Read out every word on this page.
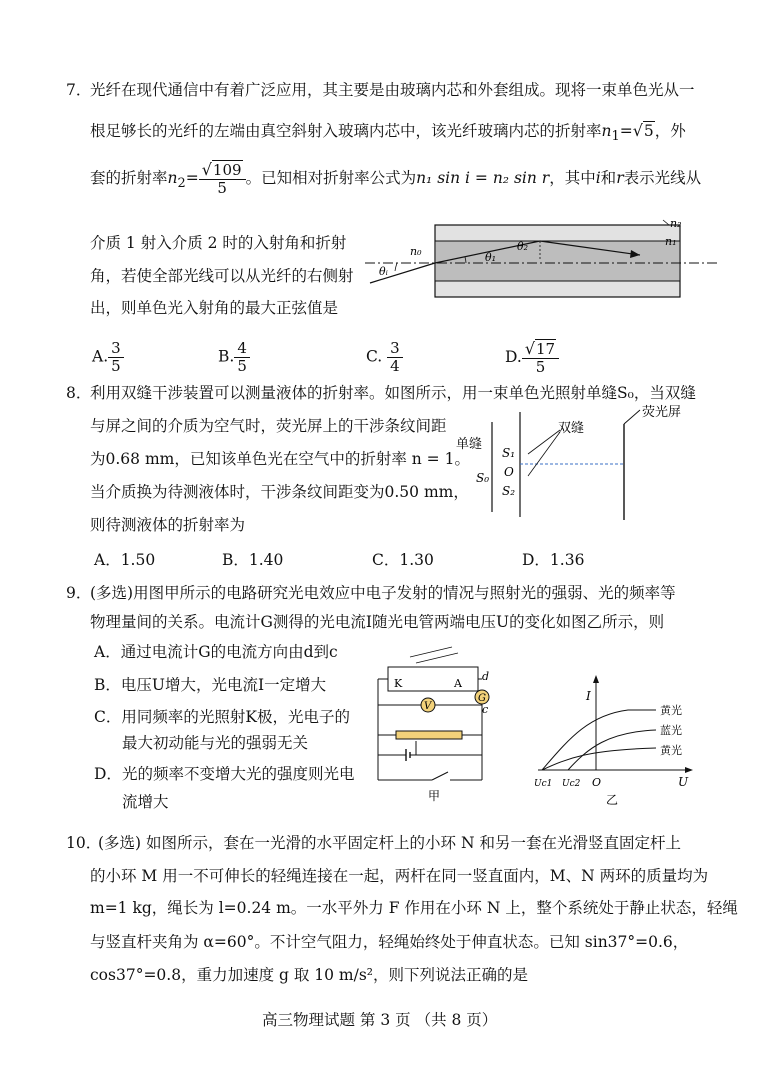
7．
光纤在现代通信中有着广泛应用，其主要是由玻璃内芯和外套组成。现将一束单色光从一
根足够长的光纤的左端由真空斜射入玻璃内芯中，该光纤玻璃内芯的折射率$n_1=√5$，外
套的折射率$n_2= \frac{√109}{5}$ 。已知相对折射率公式为n₁ sin i = n₂ sin r，其中i和r表示光线从
介质 1 射入介质 2 时的入射角和折射
角，若使全部光线可以从光纤的右侧射
出，则单色光入射角的最大正弦值是
n₂
n₁
n₀
θᵢ
θ₁
θ₂
A. $\frac{3}{5}$	B. $\frac{4}{5}$	C. $\frac{3}{4}$	D. $\frac{√17}{5}$
8．
利用双缝干涉装置可以测量液体的折射率。如图所示，用一束单色光照射单缝S₀，当双缝
与屏之间的介质为空气时，荧光屏上的干涉条纹间距
为0.68 mm，已知该单色光在空气中的折射率 n = 1。
当介质换为待测液体时，干涉条纹间距变为0.50 mm，
则待测液体的折射率为
荧光屏
双缝
单缝
S₁
O
S₀
S₂
A．1.50	B．1.40	C．1.30	D．1.36
9．
(多选)用图甲所示的电路研究光电效应中电子发射的情况与照射光的强弱、光的频率等
物理量间的关系。电流计G测得的光电流I随光电管两端电压U的变化如图乙所示，则
A．通过电流计G的电流方向由d到c
B．电压U增大，光电流I一定增大
C．用同频率的光照射K极，光电子的
最大初动能与光的强弱无关
D．光的频率不变增大光的强度则光电
流增大
K	A
d
G
c
V
甲
I
U
O
Uc1 Uc2
黄光
蓝光
黄光
乙
10．
(多选) 如图所示，套在一光滑的水平固定杆上的小环 N 和另一套在光滑竖直固定杆上
的小环 M 用一不可伸长的轻绳连接在一起，两杆在同一竖直面内，M、N 两环的质量均为
m=1 kg，绳长为 l=0.24 m。一水平外力 F 作用在小环 N 上，整个系统处于静止状态，轻绳
与竖直杆夹角为 α=60°。不计空气阻力，轻绳始终处于伸直状态。已知 sin37°=0.6，
cos37°=0.8，重力加速度 g 取 10 m/s²，则下列说法正确的是
高三物理试题 第 3 页 （共 8 页）
